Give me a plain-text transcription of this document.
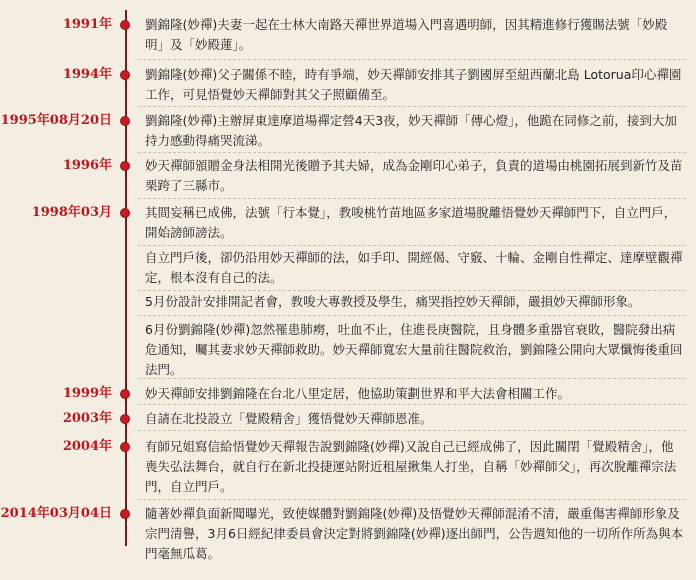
1991年	劉錦隆(妙禪)夫妻一起在士林大南路天禪世界道場入門喜遇明師，因其精進修行獲賜法號「妙殿明」及「妙殿蓮」。

1994年	劉錦隆(妙禪)父子關係不睦，時有爭端，妙天禪師安排其子劉國屏至紐西蘭北島 Lotorua印心禪園工作，可見悟覺妙天禪師對其父子照顧備至。

1995年08月20日	劉錦隆(妙禪)主辦屏東達摩道場禪定營4天3夜，妙天禪師「傳心燈」，他跪在同修之前，接到大加持力感動得痛哭流涕。

1996年	妙天禪師頒贈金身法相開光後贈予其夫婦，成為金剛印心弟子，負責的道場由桃園拓展到新竹及苗栗跨了三縣市。

1998年03月	其間妄稱已成佛，法號「行本覺」，教唆桃竹苗地區多家道場脫離悟覺妙天禪師門下，自立門戶，開始謗師謗法。

自立門戶後，卻仍沿用妙天禪師的法，如手印、開經偈、守竅、十輪、金剛自性禪定、達摩壁觀禪定，根本沒有自己的法。

5月份設計安排開記者會，教唆大專教授及學生，痛哭指控妙天禪師，嚴損妙天禪師形象。

6月份劉錦隆(妙禪)忽然罹患肺癆，吐血不止，住進長庚醫院，且身體多重器官衰敗，醫院發出病危通知，囑其妻求妙天禪師救助。妙天禪師寬宏大量前往醫院救治，劉錦隆公開向大眾懺悔後重回法門。

1999年	妙天禪師安排劉錦隆在台北八里定居，他協助策劃世界和平大法會相關工作。

2003年	自請在北投設立「覺殿精舍」獲悟覺妙天禪師恩准。

2004年	有師兄姐寫信給悟覺妙天禪報告說劉錦隆(妙禪)又說自己已經成佛了，因此關閉「覺殿精舍」，他喪失弘法舞台，就自行在新北投捷運站附近租屋揪集人打坐，自稱「妙禪師父」，再次脫離禪宗法門，自立門戶。

2014年03月04日	隨著妙禪負面新聞曝光，致使媒體對劉錦隆(妙禪)及悟覺妙天禪師混淆不清，嚴重傷害禪師形象及宗門清譽，3月6日經紀律委員會決定對將劉錦隆(妙禪)逐出師門，公告週知他的一切所作所為與本門毫無瓜葛。
